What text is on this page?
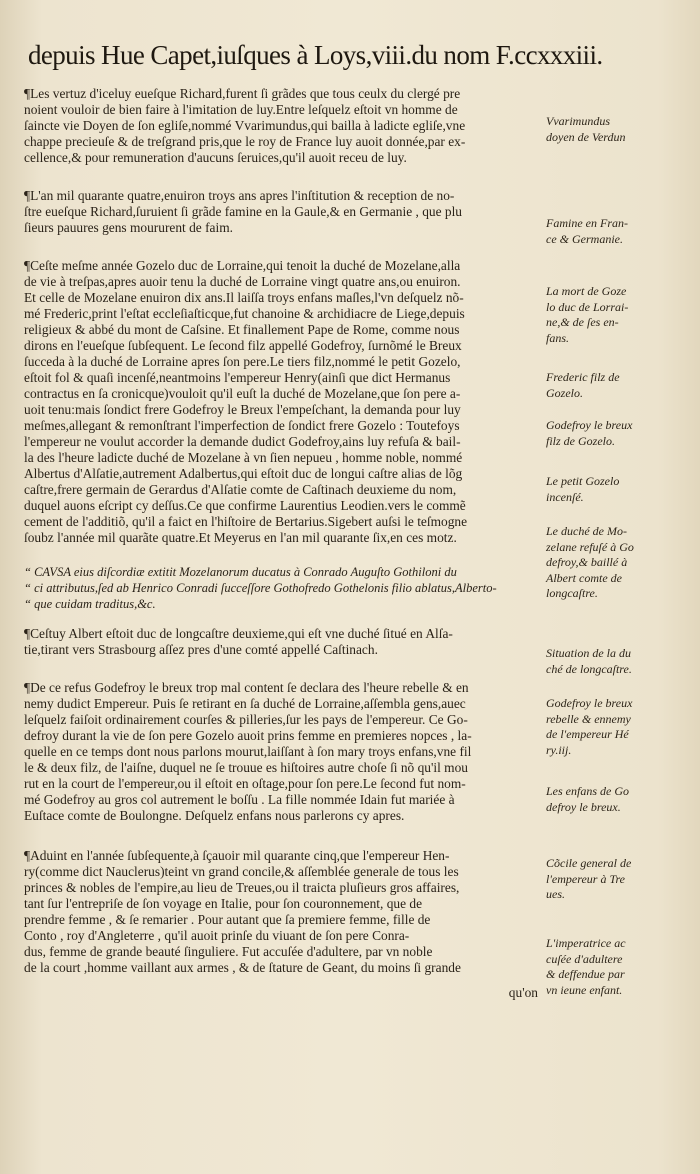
depuis Hue Capet,iuſques à Loys,viii.du nom F.ccxxxiii.
¶Les vertuz d'iceluy eueſque Richard,furent ſi grãdes que tous ceulx du clergé pre
noient vouloir de bien faire à l'imitation de luy.Entre leſquelz eſtoit vn homme de
ſaincte vie Doyen de ſon egliſe,nommé Vvarimundus,qui bailla à ladicte egliſe,vne
chappe precieuſe & de treſgrand pris,que le roy de France luy auoit donnée,par ex-
cellence,& pour remuneration d'aucuns ſeruices,qu'il auoit receu de luy.
¶L'an mil quarante quatre,enuiron troys ans apres l'inſtitution & reception de no-
ſtre eueſque Richard,ſuruient ſi grãde famine en la Gaule,& en Germanie , que plu
ſieurs pauures gens moururent de faim.
¶Ceſte meſme année Gozelo duc de Lorraine,qui tenoit la duché de Mozelane,alla
de vie à treſpas,apres auoir tenu la duché de Lorraine vingt quatre ans,ou enuiron.
Et celle de Mozelane enuiron dix ans.Il laiſſa troys enfans maſles,l'vn deſquelz nõ-
mé Frederic,print l'eſtat eccleſiaſticque,fut chanoine & archidiacre de Liege,depuis
religieux & abbé du mont de Caſsine. Et finallement Pape de Rome, comme nous
dirons en l'eueſque ſubſequent. Le ſecond filz appellé Godefroy, ſurnõmé le Breux
ſucceda à la duché de Lorraine apres ſon pere.Le tiers filz,nommé le petit Gozelo,
eſtoit fol & quaſi incenſé,neantmoins l'empereur Henry(ainſi que dict Hermanus
contractus en ſa cronicque)vouloit qu'il euſt la duché de Mozelane,que ſon pere a-
uoit tenu:mais ſondict frere Godefroy le Breux l'empeſchant, la demanda pour luy
meſmes,allegant & remonſtrant l'imperfection de ſondict frere Gozelo : Toutefoys
l'empereur ne voulut accorder la demande dudict Godefroy,ains luy refuſa & bail-
la des l'heure ladicte duché de Mozelane à vn ſien nepueu , homme noble, nommé
Albertus d'Alſatie,autrement Adalbertus,qui eſtoit duc de longui caſtre alias de lõg
caſtre,frere germain de Gerardus d'Alſatie comte de Caſtinach deuxieme du nom,
duquel auons eſcript cy deſſus.Ce que confirme Laurentius Leodien.vers le commẽ
cement de l'additiõ, qu'il a faict en l'hiſtoire de Bertarius.Sigebert auſsi le teſmogne
ſoubz l'année mil quarãte quatre.Et Meyerus en l'an mil quarante ſix,en ces motz.
“ CAVSA eius diſcordiæ extitit Mozelanorum ducatus à Conrado Auguſto Gothiloni du
“ ci attributus,ſed ab Henrico Conradi ſucceſſore Gothofredo Gothelonis filio ablatus,Alberto-
“ que cuidam traditus,&c.
¶Ceſtuy Albert eſtoit duc de longcaſtre deuxieme,qui eſt vne duché ſitué en Alſa-
tie,tirant vers Strasbourg aſſez pres d'une comté appellé Caſtinach.
¶De ce refus Godefroy le breux trop mal content ſe declara des l'heure rebelle & en
nemy dudict Empereur. Puis ſe retirant en ſa duché de Lorraine,aſſembla gens,auec
leſquelz faiſoit ordinairement courſes & pilleries,ſur les pays de l'empereur. Ce Go-
defroy durant la vie de ſon pere Gozelo auoit prins femme en premieres nopces , la-
quelle en ce temps dont nous parlons mourut,laiſſant à ſon mary troys enfans,vne fil
le & deux filz, de l'aiſne, duquel ne ſe trouue es hiſtoires autre choſe ſi nõ qu'il mou
rut en la court de l'empereur,ou il eſtoit en oſtage,pour ſon pere.Le ſecond fut nom-
mé Godefroy au gros col autrement le boſſu . La fille nommée Idain fut mariée à
Euſtace comte de Boulongne. Deſquelz enfans nous parlerons cy apres.
¶Aduint en l'année ſubſequente,à ſçauoir mil quarante cinq,que l'empereur Hen-
ry(comme dict Nauclerus)teint vn grand concile,& aſſemblée generale de tous les
princes & nobles de l'empire,au lieu de Treues,ou il traicta pluſieurs gros affaires,
tant ſur l'entrepriſe de ſon voyage en Italie, pour ſon couronnement, que de
prendre femme , & ſe remarier . Pour autant que ſa premiere femme, fille de
Conto , roy d'Angleterre , qu'il auoit prinſe du viuant de ſon pere Conra-
dus, femme de grande beauté ſinguliere. Fut accuſée d'adultere, par vn noble
de la court ,homme vaillant aux armes , & de ſtature de Geant, du moins ſi grande
qu'on
Vvarimundus
doyen de Verdun
Famine en Fran-
ce & Germanie.
La mort de Goze
lo duc de Lorrai-
ne,& de ſes en-
fans.
Frederic filz de
Gozelo.
Godefroy le breux
filz de Gozelo.
Le petit Gozelo
incenſé.
Le duché de Mo-
zelane refuſé à Go
defroy,& baillé à
Albert comte de
longcaſtre.
Situation de la du
ché de longcaſtre.
Godefroy le breux
rebelle & ennemy
de l'empereur Hé
ry.iij.
Les enfans de Go
defroy le breux.
Cõcile general de
l'empereur à Tre
ues.
L'imperatrice ac
cuſée d'adultere
& deffendue par
vn ieune enfant.
